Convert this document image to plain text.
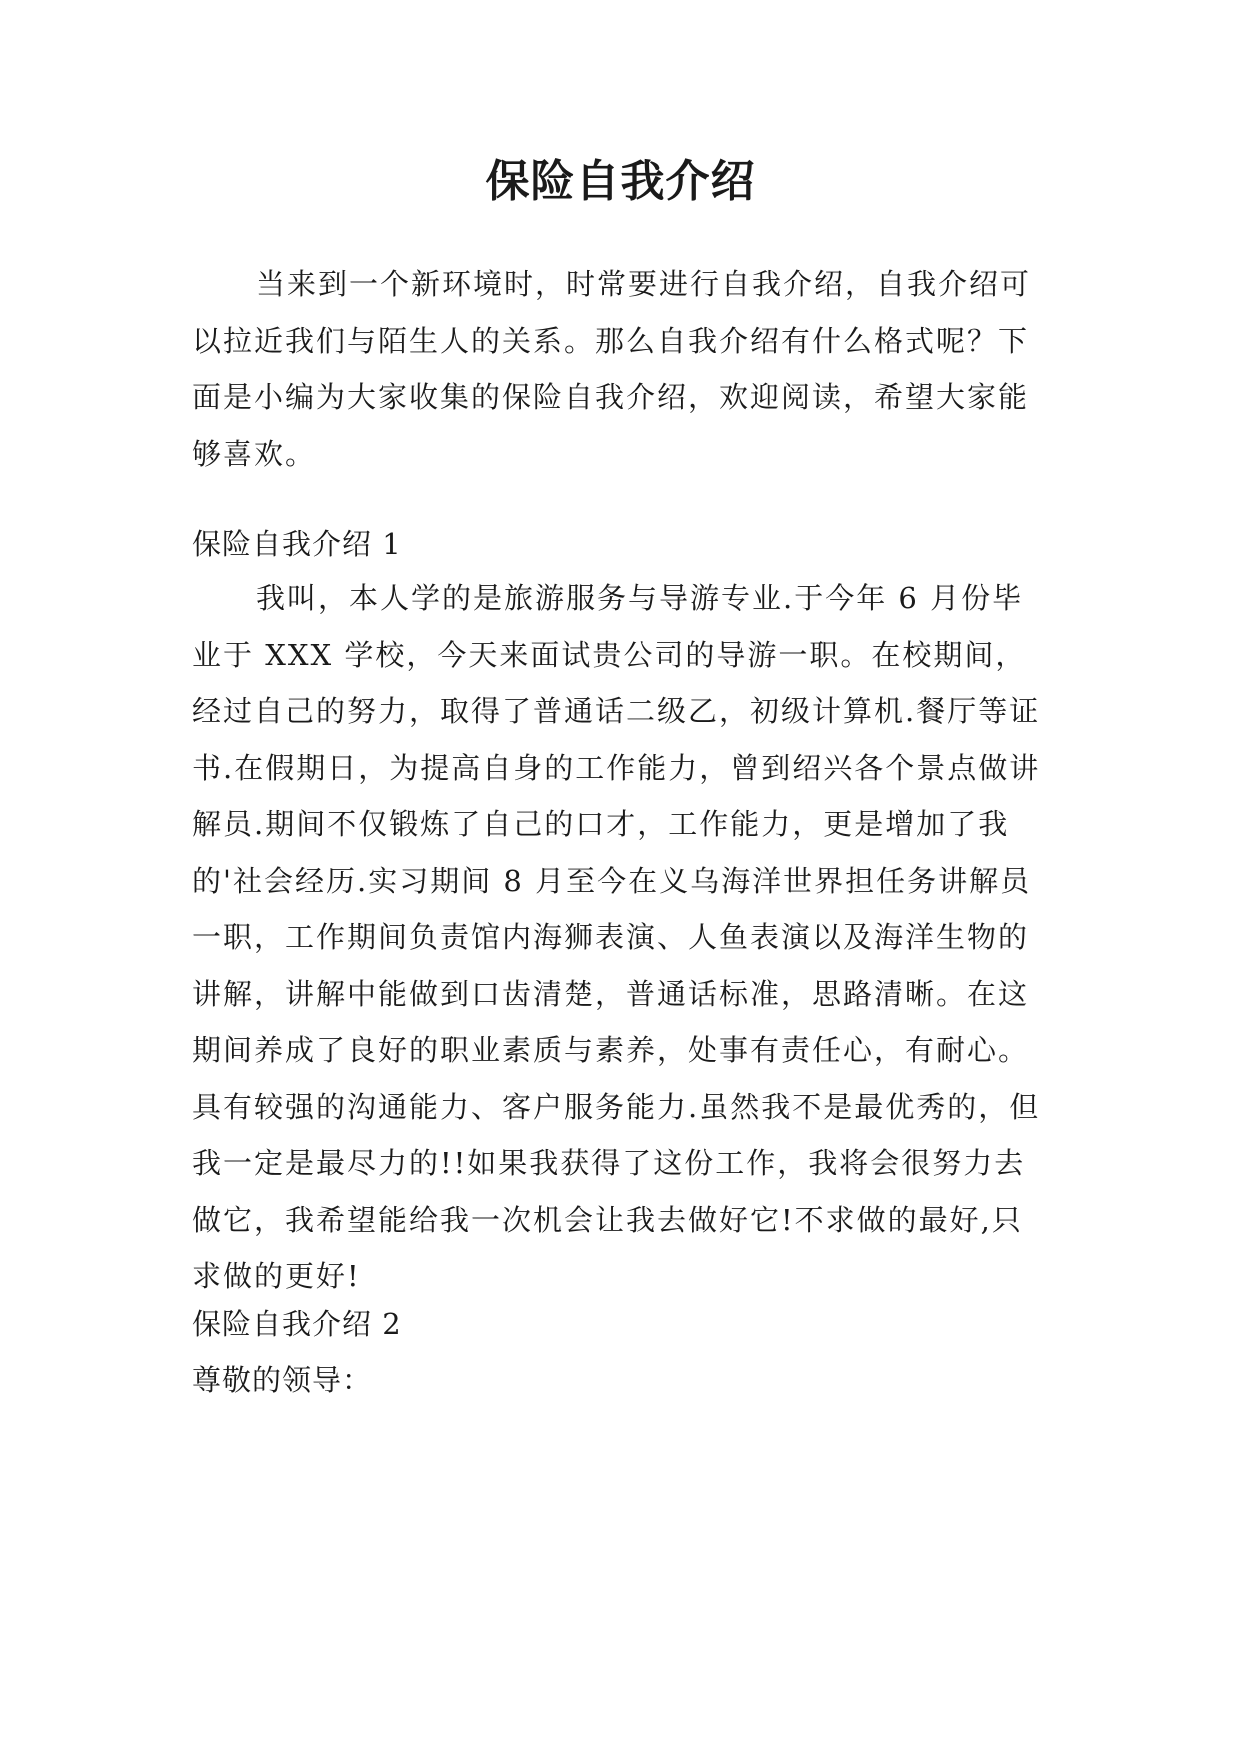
保险自我介绍

当来到一个新环境时，时常要进行自我介绍，自我介绍可以拉近我们与陌生人的关系。那么自我介绍有什么格式呢？下面是小编为大家收集的保险自我介绍，欢迎阅读，希望大家能够喜欢。

保险自我介绍 1

我叫，本人学的是旅游服务与导游专业.于今年 6 月份毕业于 XXX 学校，今天来面试贵公司的导游一职。在校期间，经过自己的努力，取得了普通话二级乙，初级计算机.餐厅等证书.在假期日，为提高自身的工作能力，曾到绍兴各个景点做讲解员.期间不仅锻炼了自己的口才，工作能力，更是增加了我的'社会经历.实习期间 8 月至今在义乌海洋世界担任务讲解员一职，工作期间负责馆内海狮表演、人鱼表演以及海洋生物的讲解，讲解中能做到口齿清楚，普通话标准，思路清晰。在这期间养成了良好的职业素质与素养，处事有责任心，有耐心。具有较强的沟通能力、客户服务能力.虽然我不是最优秀的，但我一定是最尽力的!!如果我获得了这份工作，我将会很努力去做它，我希望能给我一次机会让我去做好它!不求做的最好,只求做的更好!

保险自我介绍 2

尊敬的领导：
